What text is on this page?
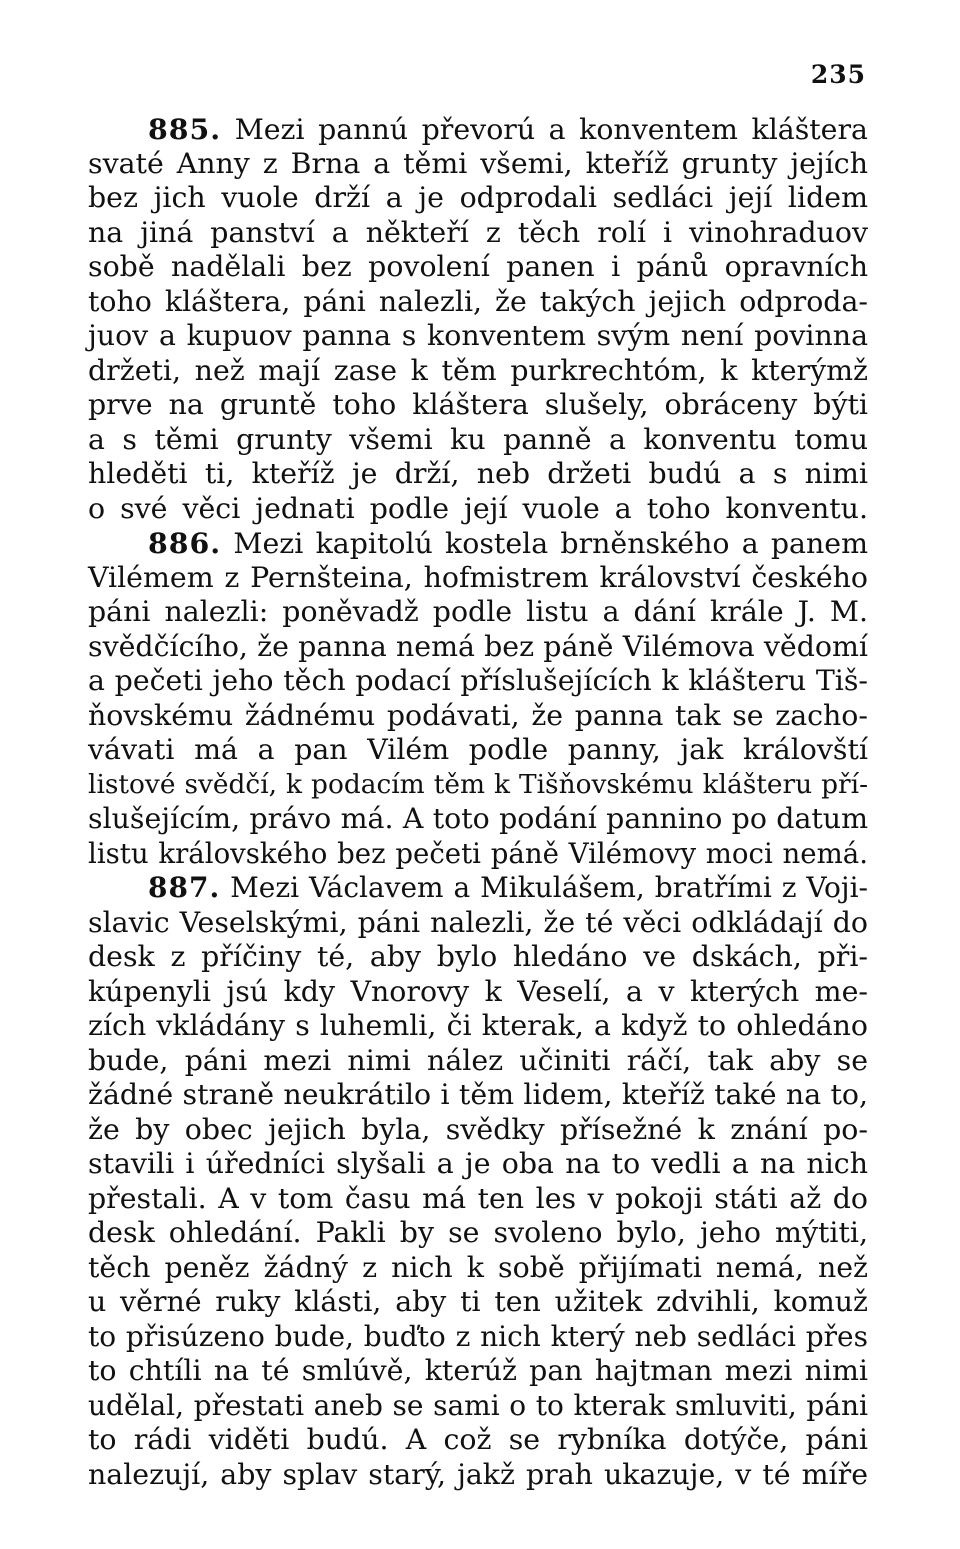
235
885. Mezi pannú převorú a konventem kláštera
svaté Anny z Brna a těmi všemi, kteříž grunty jejích
bez jich vuole drží a je odprodali sedláci její lidem
na jiná panství a někteří z těch rolí i vinohraduov
sobě nadělali bez povolení panen i pánů opravních
toho kláštera, páni nalezli, že takých jejich odproda-
juov a kupuov panna s konventem svým není povinna
držeti, než mají zase k těm purkrechtóm, k kterýmž
prve na gruntě toho kláštera slušely, obráceny býti
a s těmi grunty všemi ku panně a konventu tomu
hleděti ti, kteříž je drží, neb držeti budú a s nimi
o své věci jednati podle její vuole a toho konventu.
886. Mezi kapitolú kostela brněnského a panem
Vilémem z Pernšteina, hofmistrem království českého
páni nalezli: poněvadž podle listu a dání krále J. M.
svědčícího, že panna nemá bez páně Vilémova vědomí
a pečeti jeho těch podací příslušejících k klášteru Tiš-
ňovskému žádnému podávati, že panna tak se zacho-
vávati má a pan Vilém podle panny, jak královští
listové svědčí, k podacím těm k Tišňovskému klášteru pří-
slušejícím, právo má. A toto podání pannino po datum
listu královského bez pečeti páně Vilémovy moci nemá.
887. Mezi Václavem a Mikulášem, bratřími z Voji-
slavic Veselskými, páni nalezli, že té věci odkládají do
desk z příčiny té, aby bylo hledáno ve dskách, při-
kúpenyli jsú kdy Vnorovy k Veselí, a v kterých me-
zích vkládány s luhemli, či kterak, a když to ohledáno
bude, páni mezi nimi nález učiniti ráčí, tak aby se
žádné straně neukrátilo i těm lidem, kteříž také na to,
že by obec jejich byla, svědky přísežné k znání po-
stavili i úředníci slyšali a je oba na to vedli a na nich
přestali. A v tom času má ten les v pokoji státi až do
desk ohledání. Pakli by se svoleno bylo, jeho mýtiti,
těch peněz žádný z nich k sobě přijímati nemá, než
u věrné ruky klásti, aby ti ten užitek zdvihli, komuž
to přisúzeno bude, buďto z nich který neb sedláci přes
to chtíli na té smlúvě, kterúž pan hajtman mezi nimi
udělal, přestati aneb se sami o to kterak smluviti, páni
to rádi viděti budú. A což se rybníka dotýče, páni
nalezují, aby splav starý, jakž prah ukazuje, v té míře
